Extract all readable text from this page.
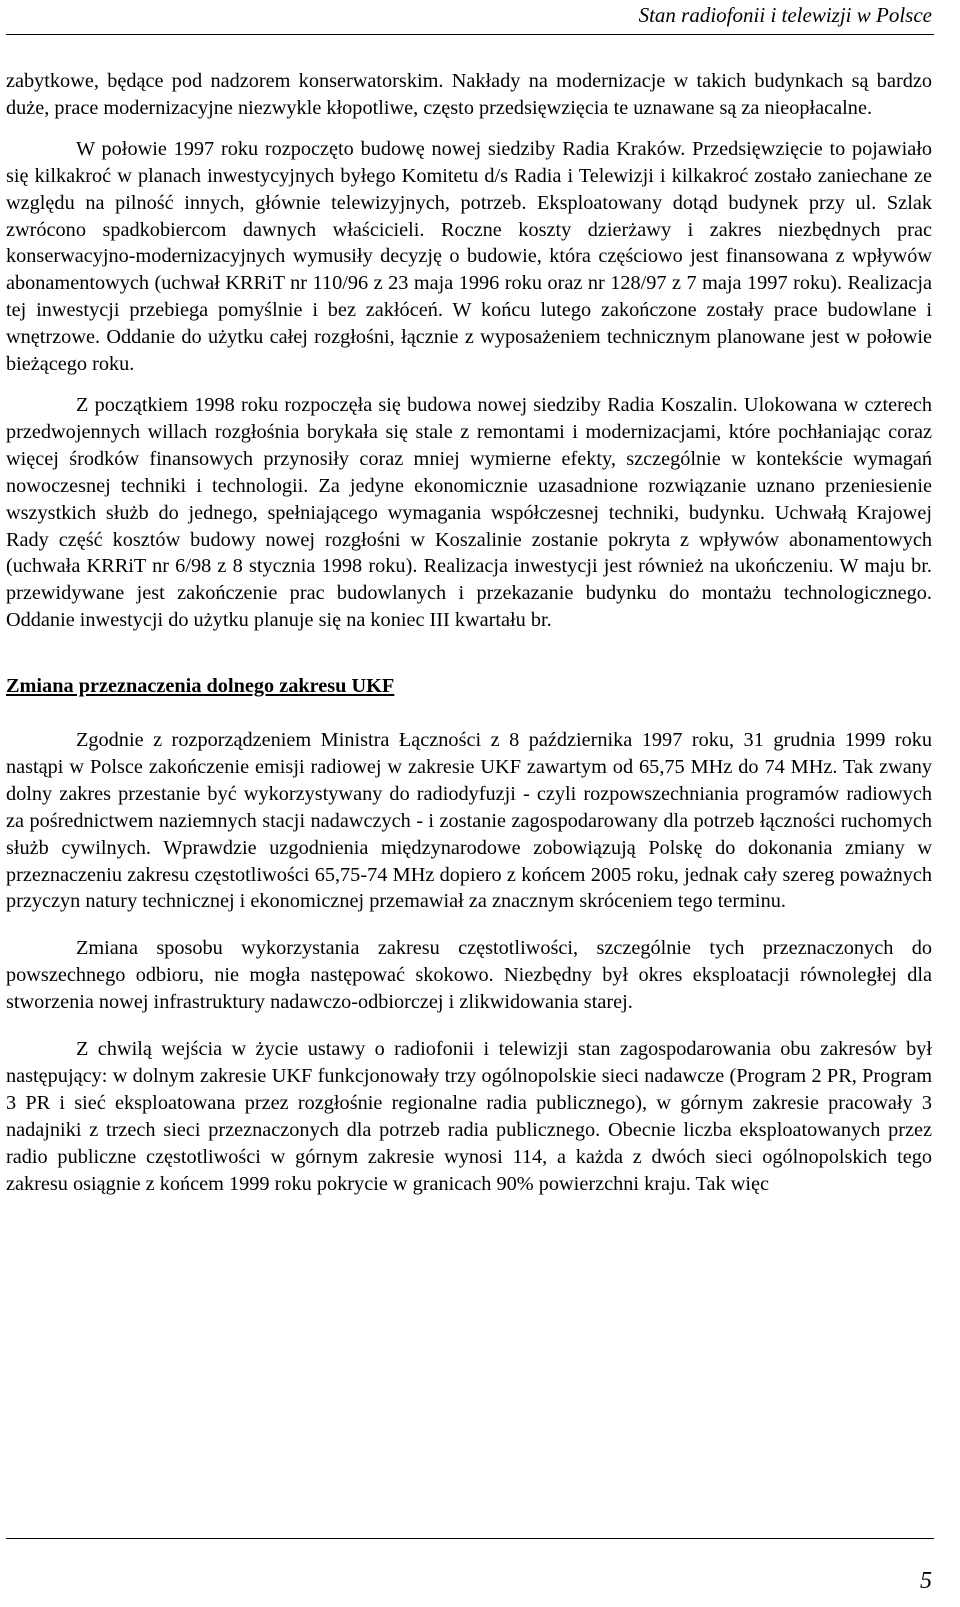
Stan radiofonii i telewizji w Polsce

zabytkowe, będące pod nadzorem konserwatorskim. Nakłady na modernizacje w takich budynkach są bardzo duże, prace modernizacyjne niezwykle kłopotliwe, często przedsięwzięcia te uznawane są za nieopłacalne.

W połowie 1997 roku rozpoczęto budowę nowej siedziby Radia Kraków. Przedsięwzięcie to pojawiało się kilkakroć w planach inwestycyjnych byłego Komitetu d/s Radia i Telewizji i kilkakroć zostało zaniechane ze względu na pilność innych, głównie telewizyjnych, potrzeb. Eksploatowany dotąd budynek przy ul. Szlak zwrócono spadkobiercom dawnych właścicieli. Roczne koszty dzierżawy i zakres niezbędnych prac konserwacyjno-modernizacyjnych wymusiły decyzję o budowie, która częściowo jest finansowana z wpływów abonamentowych (uchwał KRRiT nr 110/96 z 23 maja 1996 roku oraz nr 128/97 z 7 maja 1997 roku). Realizacja tej inwestycji przebiega pomyślnie i bez zakłóceń. W końcu lutego zakończone zostały prace budowlane i wnętrzowe. Oddanie do użytku całej rozgłośni, łącznie z wyposażeniem technicznym planowane jest w połowie bieżącego roku.

Z początkiem 1998 roku rozpoczęła się budowa nowej siedziby Radia Koszalin. Ulokowana w czterech przedwojennych willach rozgłośnia borykała się stale z remontami i modernizacjami, które pochłaniając coraz więcej środków finansowych przynosiły coraz mniej wymierne efekty, szczególnie w kontekście wymagań nowoczesnej techniki i technologii. Za jedyne ekonomicznie uzasadnione rozwiązanie uznano przeniesienie wszystkich służb do jednego, spełniającego wymagania współczesnej techniki, budynku. Uchwałą Krajowej Rady część kosztów budowy nowej rozgłośni w Koszalinie zostanie pokryta z wpływów abonamentowych (uchwała KRRiT nr 6/98 z 8 stycznia 1998 roku). Realizacja inwestycji jest również na ukończeniu. W maju br. przewidywane jest zakończenie prac budowlanych i przekazanie budynku do montażu technologicznego. Oddanie inwestycji do użytku planuje się na koniec III kwartału br.

Zmiana przeznaczenia dolnego zakresu UKF

Zgodnie z rozporządzeniem Ministra Łączności z 8 października 1997 roku, 31 grudnia 1999 roku nastąpi w Polsce zakończenie emisji radiowej w zakresie UKF zawartym od 65,75 MHz do 74 MHz. Tak zwany dolny zakres przestanie być wykorzystywany do radiodyfuzji - czyli rozpowszechniania programów radiowych za pośrednictwem naziemnych stacji nadawczych - i zostanie zagospodarowany dla potrzeb łączności ruchomych służb cywilnych. Wprawdzie uzgodnienia międzynarodowe zobowiązują Polskę do dokonania zmiany w przeznaczeniu zakresu częstotliwości 65,75-74 MHz dopiero z końcem 2005 roku, jednak cały szereg poważnych przyczyn natury technicznej i ekonomicznej przemawiał za znacznym skróceniem tego terminu.

Zmiana sposobu wykorzystania zakresu częstotliwości, szczególnie tych przeznaczonych do powszechnego odbioru, nie mogła następować skokowo. Niezbędny był okres eksploatacji równoległej dla stworzenia nowej infrastruktury nadawczo-odbiorczej i zlikwidowania starej.

Z chwilą wejścia w życie ustawy o radiofonii i telewizji stan zagospodarowania obu zakresów był następujący: w dolnym zakresie UKF funkcjonowały trzy ogólnopolskie sieci nadawcze (Program 2 PR, Program 3 PR i sieć eksploatowana przez rozgłośnie regionalne radia publicznego), w górnym zakresie pracowały 3 nadajniki z trzech sieci przeznaczonych dla potrzeb radia publicznego. Obecnie liczba eksploatowanych przez radio publiczne częstotliwości w górnym zakresie wynosi 114, a każda z dwóch sieci ogólnopolskich tego zakresu osiągnie z końcem 1999 roku pokrycie w granicach 90% powierzchni kraju. Tak więc

5
